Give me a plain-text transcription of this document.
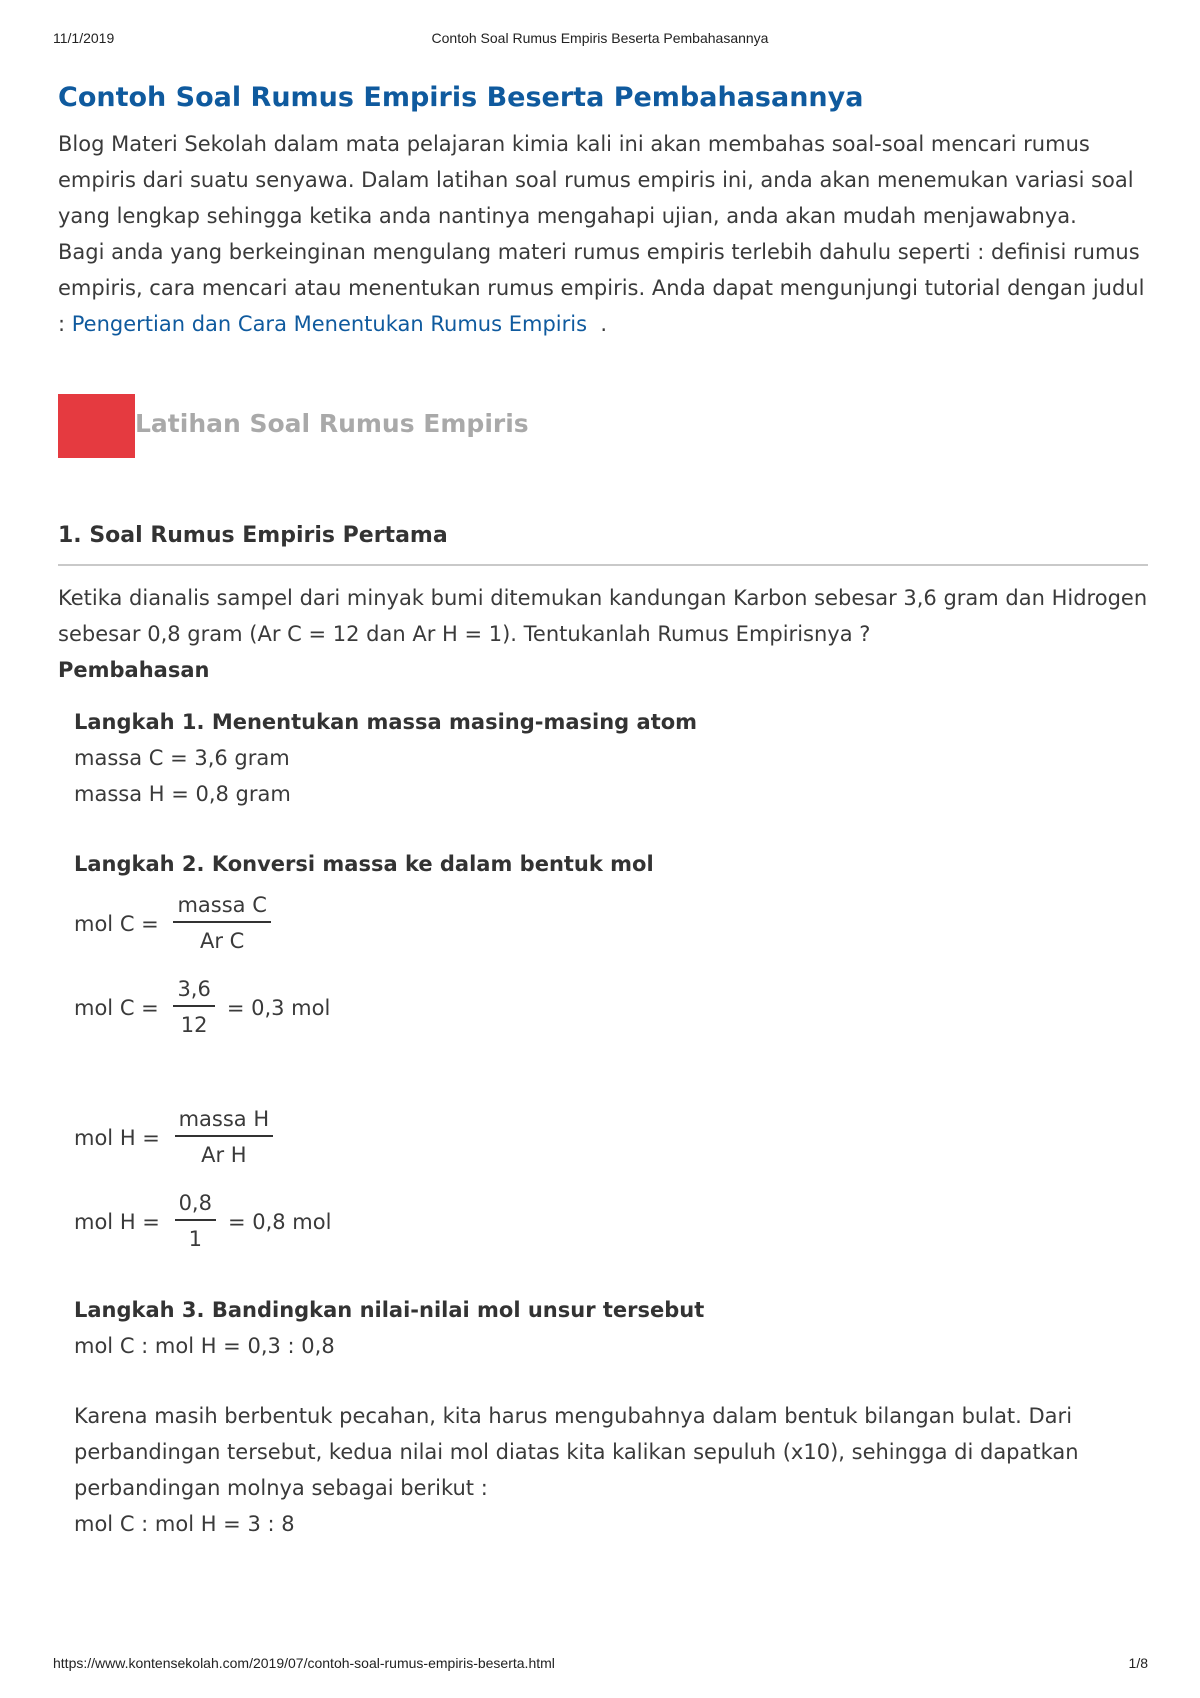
11/1/2019	Contoh Soal Rumus Empiris Beserta Pembahasannya
Contoh Soal Rumus Empiris Beserta Pembahasannya

Blog Materi Sekolah dalam mata pelajaran kimia kali ini akan membahas soal-soal mencari rumus empiris dari suatu senyawa. Dalam latihan soal rumus empiris ini, anda akan menemukan variasi soal yang lengkap sehingga ketika anda nantinya mengahapi ujian, anda akan mudah menjawabnya.

Bagi anda yang berkeinginan mengulang materi rumus empiris terlebih dahulu seperti : definisi rumus empiris, cara mencari atau menentukan rumus empiris. Anda dapat mengunjungi tutorial dengan judul : Pengertian dan Cara Menentukan Rumus Empiris  .

Latihan Soal Rumus Empiris
1. Soal Rumus Empiris Pertama

Ketika dianalis sampel dari minyak bumi ditemukan kandungan Karbon sebesar 3,6 gram dan Hidrogen sebesar 0,8 gram (Ar C = 12 dan Ar H = 1). Tentukanlah Rumus Empirisnya ?

Pembahasan

Langkah 1. Menentukan massa masing-masing atom
massa C = 3,6 gram
massa H = 0,8 gram
Langkah 2. Konversi massa ke dalam bentuk mol
mol $C = \frac{\text{massa C}}{\text{Ar C}}$
mol $C = \frac{3,6}{12} = 0,3$ mol
mol $H = \frac{\text{massa H}}{\text{Ar H}}$
mol $H = \frac{0,8}{1} = 0,8$ mol
Langkah 3. Bandingkan nilai-nilai mol unsur tersebut
mol C : mol H = 0,3 : 0,8
Karena masih berbentuk pecahan, kita harus mengubahnya dalam bentuk bilangan bulat. Dari perbandingan tersebut, kedua nilai mol diatas kita kalikan sepuluh (x10), sehingga di dapatkan perbandingan molnya sebagai berikut :
mol C : mol H = 3 : 8
https://www.kontensekolah.com/2019/07/contoh-soal-rumus-empiris-beserta.html	1/8
